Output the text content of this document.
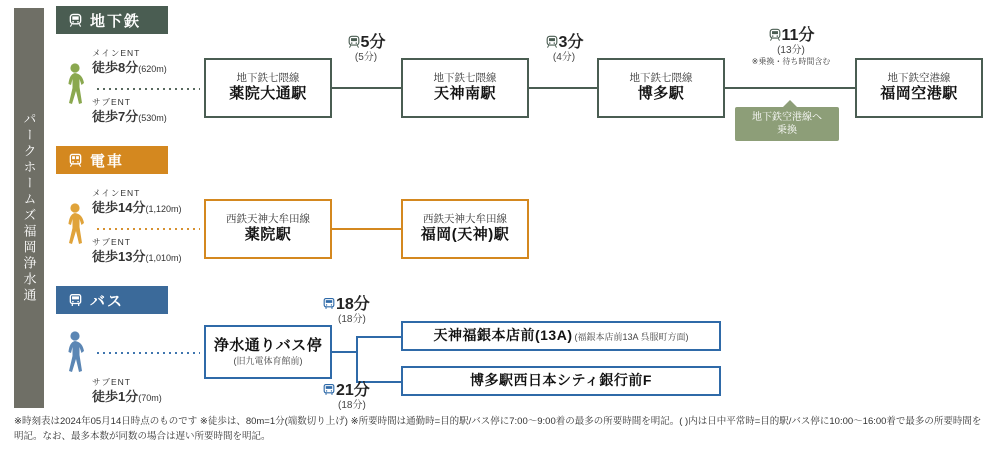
パークホームズ福岡浄水通
地下鉄
メインENT
徒歩8分(620m)
サブENT
徒歩7分(530m)
地下鉄七隈線
薬院大通駅
地下鉄七隈線
天神南駅
地下鉄七隈線
博多駅
地下鉄空港線
福岡空港駅
5分
(5分)
3分
(4分)
11分
(13分)
※乗換・待ち時間含む
地下鉄空港線へ
乗換
電車
メインENT
徒歩14分(1,120m)
サブENT
徒歩13分(1,010m)
西鉄天神大牟田線
薬院駅
西鉄天神大牟田線
福岡(天神)駅
バス
サブENT
徒歩1分(70m)
浄水通りバス停
(旧九電体育館前)
天神福銀本店前(13A) (福銀本店前13A 呉服町方面)
博多駅西日本シティ銀行前F
18分
(18分)
21分
(18分)
※時刻表は2024年05月14日時点のものです ※徒歩は、80m=1分(端数切り上げ) ※所要時間は通勤時=目的駅/バス停に7:00〜9:00着の最多の所要時間を明記。( )内は日中平常時=目的駅/バス停に10:00〜16:00着で最多の所要時間を明記。なお、最多本数が同数の場合は遅い所要時間を明記。
